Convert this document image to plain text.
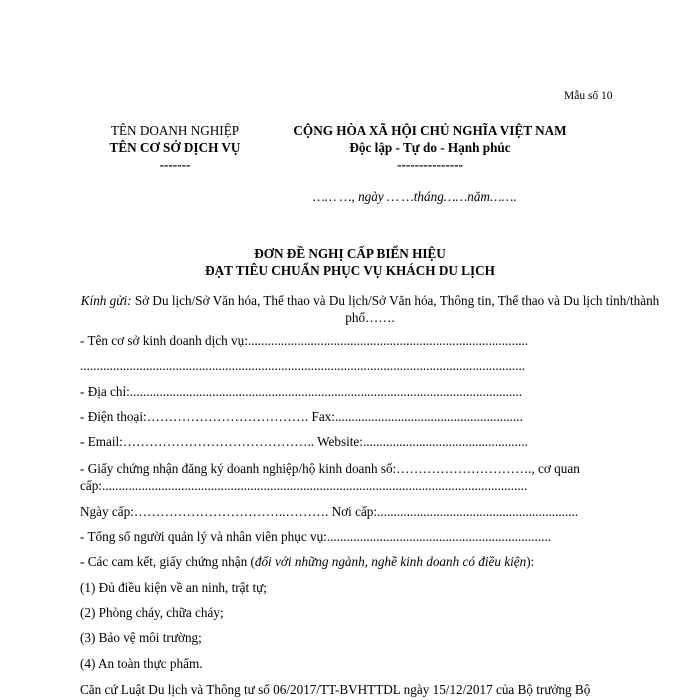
Mẫu số 10
TÊN DOANH NGHIỆP
TÊN CƠ SỞ DỊCH VỤ
-------
CỘNG HÒA XÃ HỘI CHỦ NGHĨA VIỆT NAM
Độc lập - Tự do - Hạnh phúc
---------------
…… …, ngày … …tháng……năm…….
ĐƠN ĐỀ NGHỊ CẤP BIỂN HIỆU
ĐẠT TIÊU CHUẨN PHỤC VỤ KHÁCH DU LỊCH
Kính gửi: Sở Du lịch/Sở Văn hóa, Thể thao và Du lịch/Sở Văn hóa, Thông tin, Thể thao và Du lịch tỉnh/thành phố…….
- Tên cơ sở kinh doanh dịch vụ:.....................................................................................
.......................................................................................................................................
- Địa chỉ:.......................................................................................................................
- Điện thoại:………………………………. Fax:.........................................................
- Email:…………………………………….. Website:..................................................
- Giấy chứng nhận đăng ký doanh nghiệp/hộ kinh doanh số:…………………………., cơ quan cấp:.................................................................................................................................
Ngày cấp:……………………………..………. Nơi cấp:.............................................................
- Tổng số người quản lý và nhân viên phục vụ:....................................................................
- Các cam kết, giấy chứng nhận (đối với những ngành, nghề kinh doanh có điều kiện):
(1) Đủ điều kiện về an ninh, trật tự;
(2) Phòng cháy, chữa cháy;
(3) Bảo vệ môi trường;
(4) An toàn thực phẩm.
Căn cứ Luật Du lịch và Thông tư số 06/2017/TT-BVHTTDL ngày 15/12/2017 của Bộ trưởng Bộ
